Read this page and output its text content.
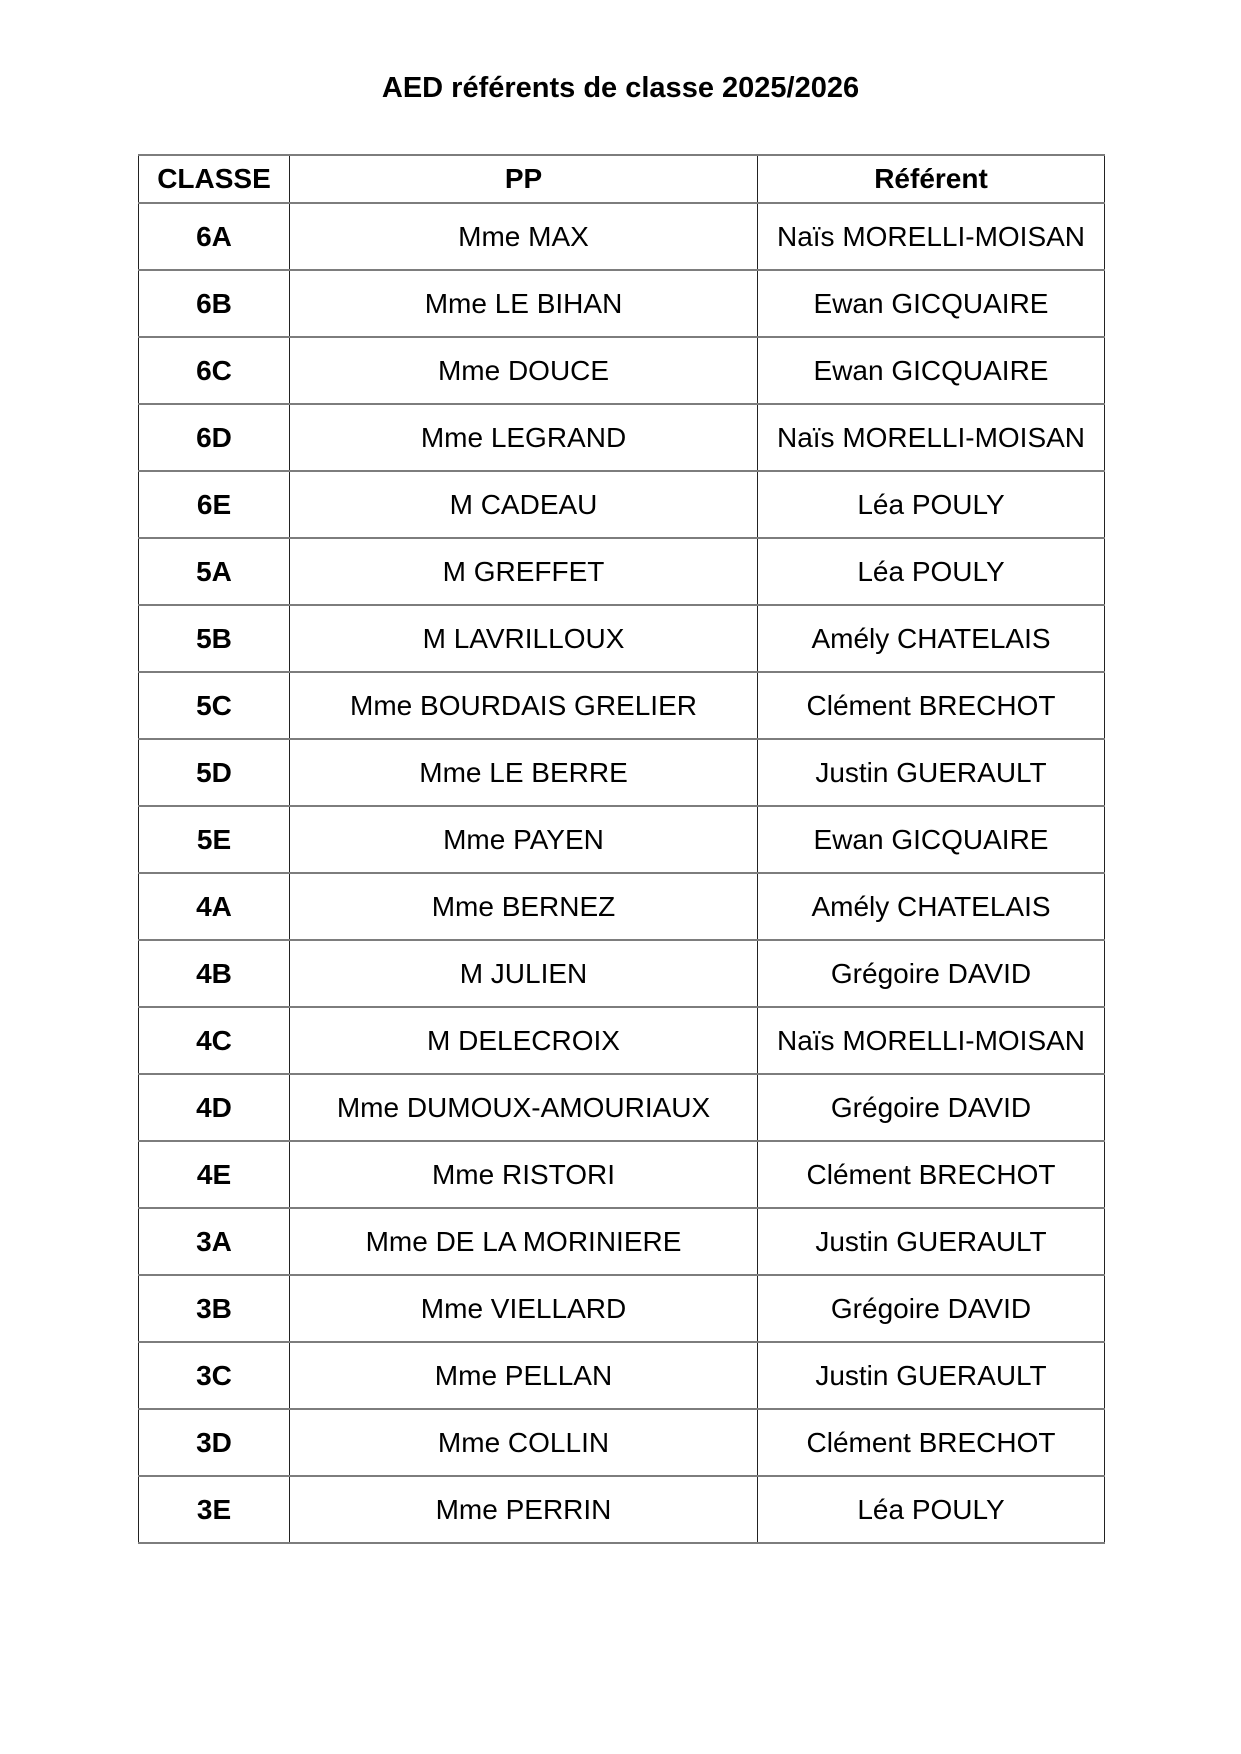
AED référents de classe 2025/2026
CLASSE	PP	Référent
6A	Mme MAX	Naïs MORELLI-MOISAN
6B	Mme LE BIHAN	Ewan GICQUAIRE
6C	Mme DOUCE	Ewan GICQUAIRE
6D	Mme LEGRAND	Naïs MORELLI-MOISAN
6E	M CADEAU	Léa POULY
5A	M GREFFET	Léa POULY
5B	M LAVRILLOUX	Amély CHATELAIS
5C	Mme BOURDAIS GRELIER	Clément BRECHOT
5D	Mme LE BERRE	Justin GUERAULT
5E	Mme PAYEN	Ewan GICQUAIRE
4A	Mme BERNEZ	Amély CHATELAIS
4B	M JULIEN	Grégoire DAVID
4C	M DELECROIX	Naïs MORELLI-MOISAN
4D	Mme DUMOUX-AMOURIAUX	Grégoire DAVID
4E	Mme RISTORI	Clément BRECHOT
3A	Mme DE LA MORINIERE	Justin GUERAULT
3B	Mme VIELLARD	Grégoire DAVID
3C	Mme PELLAN	Justin GUERAULT
3D	Mme COLLIN	Clément BRECHOT
3E	Mme PERRIN	Léa POULY
